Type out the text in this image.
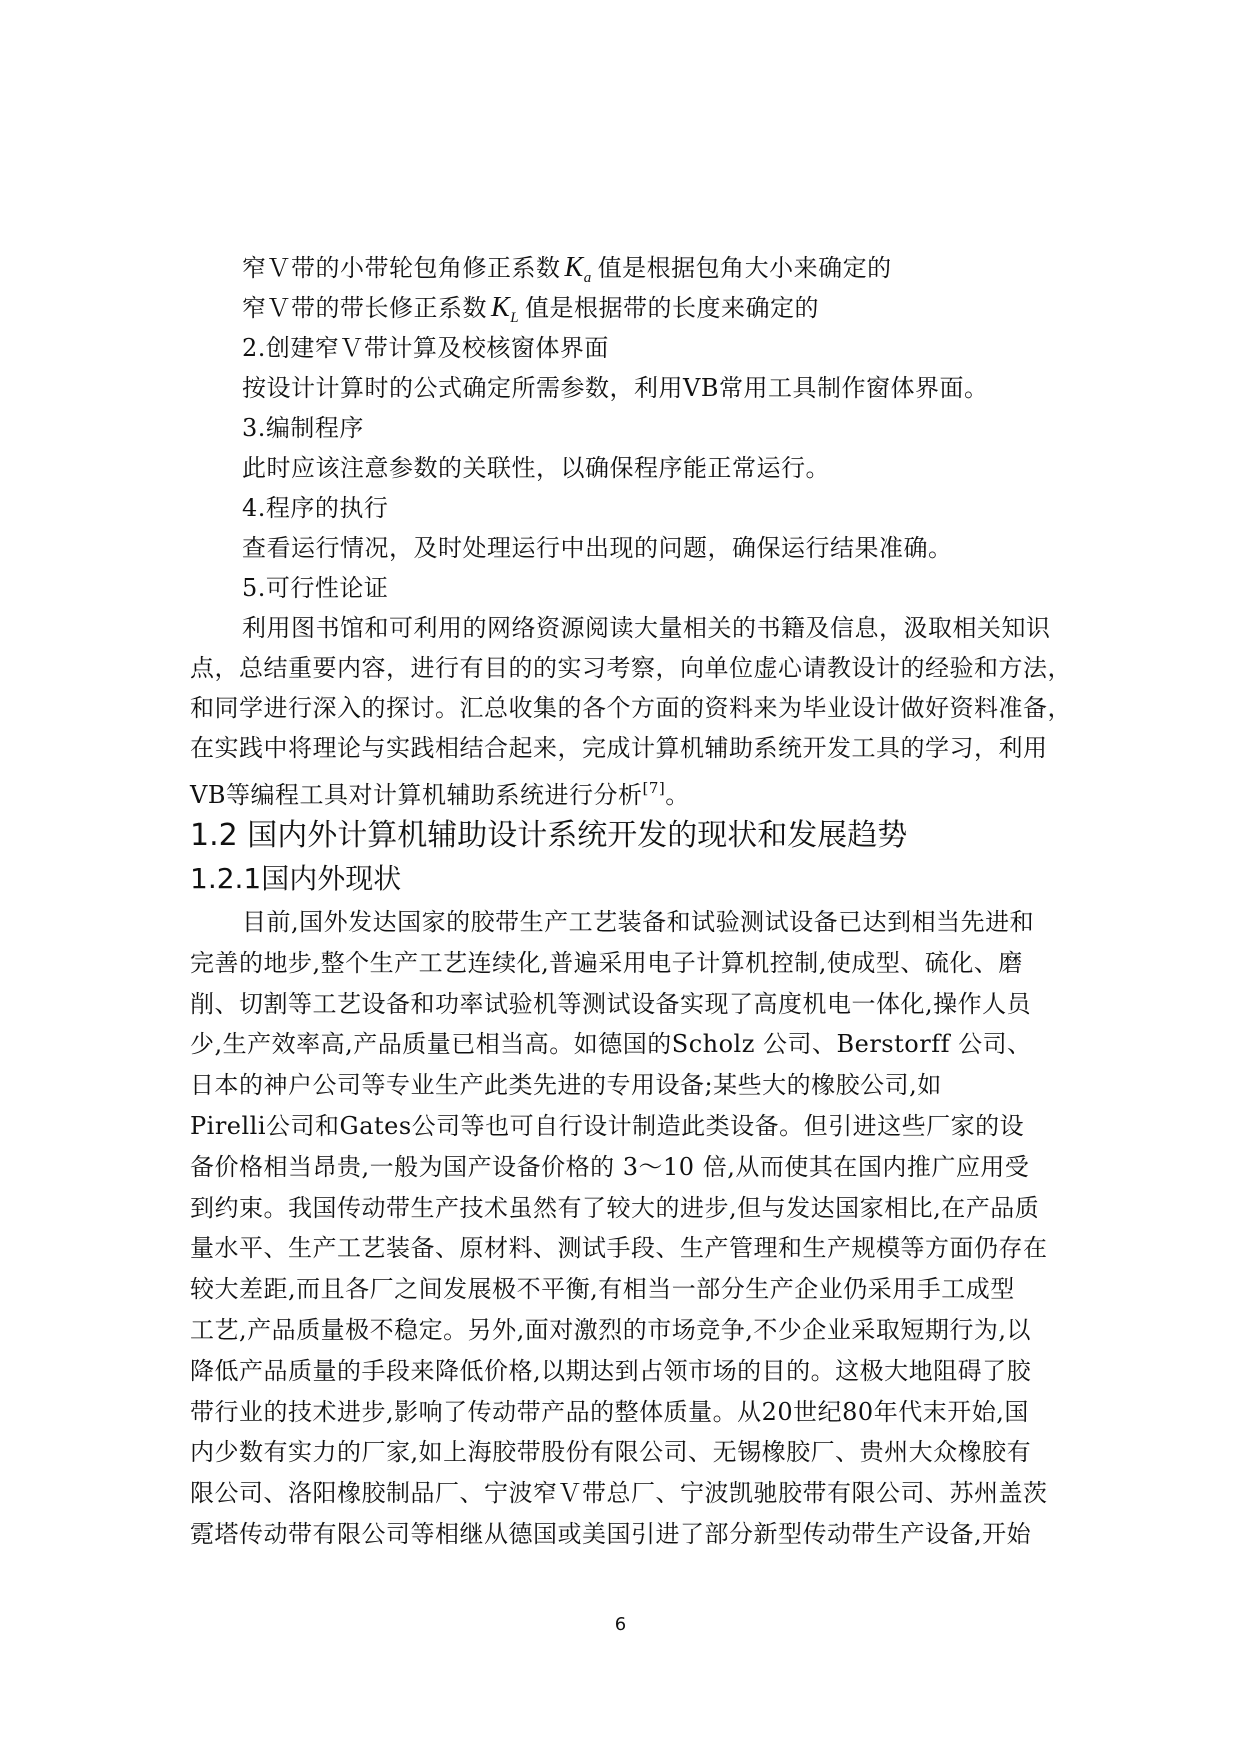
窄Ｖ带的小带轮包角修正系数 $K_a$ 值是根据包角大小来确定的
窄Ｖ带的带长修正系数 $K_L$ 值是根据带的长度来确定的
2.创建窄Ｖ带计算及校核窗体界面
按设计计算时的公式确定所需参数，利用VB常用工具制作窗体界面。
3.编制程序
此时应该注意参数的关联性，以确保程序能正常运行。
4.程序的执行
查看运行情况，及时处理运行中出现的问题，确保运行结果准确。
5.可行性论证
利用图书馆和可利用的网络资源阅读大量相关的书籍及信息，汲取相关知识
点，总结重要内容，进行有目的的实习考察，向单位虚心请教设计的经验和方法，
和同学进行深入的探讨。汇总收集的各个方面的资料来为毕业设计做好资料准备，
在实践中将理论与实践相结合起来，完成计算机辅助系统开发工具的学习，利用
VB等编程工具对计算机辅助系统进行分析[7]。
1.2 国内外计算机辅助设计系统开发的现状和发展趋势
1.2.1国内外现状
目前,国外发达国家的胶带生产工艺装备和试验测试设备已达到相当先进和
完善的地步,整个生产工艺连续化,普遍采用电子计算机控制,使成型、硫化、磨
削、切割等工艺设备和功率试验机等测试设备实现了高度机电一体化,操作人员
少,生产效率高,产品质量已相当高。如德国的Scholz 公司、Berstorff 公司、
日本的神户公司等专业生产此类先进的专用设备;某些大的橡胶公司,如
Pirelli公司和Gates公司等也可自行设计制造此类设备。但引进这些厂家的设
备价格相当昂贵,一般为国产设备价格的 3～10 倍,从而使其在国内推广应用受
到约束。我国传动带生产技术虽然有了较大的进步,但与发达国家相比,在产品质
量水平、生产工艺装备、原材料、测试手段、生产管理和生产规模等方面仍存在
较大差距,而且各厂之间发展极不平衡,有相当一部分生产企业仍采用手工成型
工艺,产品质量极不稳定。另外,面对激烈的市场竞争,不少企业采取短期行为,以
降低产品质量的手段来降低价格,以期达到占领市场的目的。这极大地阻碍了胶
带行业的技术进步,影响了传动带产品的整体质量。从20世纪80年代末开始,国
内少数有实力的厂家,如上海胶带股份有限公司、无锡橡胶厂、贵州大众橡胶有
限公司、洛阳橡胶制品厂、宁波窄Ｖ带总厂、宁波凯驰胶带有限公司、苏州盖茨
霓塔传动带有限公司等相继从德国或美国引进了部分新型传动带生产设备,开始
6
